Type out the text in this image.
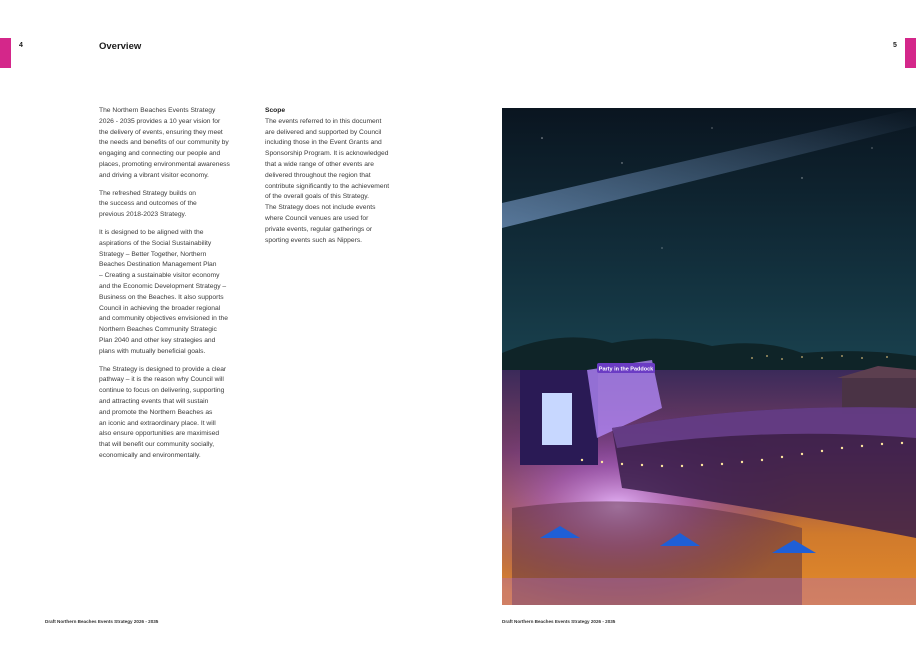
4	5
Overview

The Northern Beaches Events Strategy
2026 - 2035 provides a 10 year vision for
the delivery of events, ensuring they meet
the needs and benefits of our community by
engaging and connecting our people and
places, promoting environmental awareness
and driving a vibrant visitor economy.

The refreshed Strategy builds on
the success and outcomes of the
previous 2018-2023 Strategy.

It is designed to be aligned with the
aspirations of the Social Sustainability
Strategy – Better Together, Northern
Beaches Destination Management Plan
– Creating a sustainable visitor economy
and the Economic Development Strategy –
Business on the Beaches. It also supports
Council in achieving the broader regional
and community objectives envisioned in the
Northern Beaches Community Strategic
Plan 2040 and other key strategies and
plans with mutually beneficial goals.

The Strategy is designed to provide a clear
pathway – it is the reason why Council will
continue to focus on delivering, supporting
and attracting events that will sustain
and promote the Northern Beaches as
an iconic and extraordinary place. It will
also ensure opportunities are maximised
that will benefit our community socially,
economically and environmentally.

Scope
The events referred to in this document
are delivered and supported by Council
including those in the Event Grants and
Sponsorship Program. It is acknowledged
that a wide range of other events are
delivered throughout the region that
contribute significantly to the achievement
of the overall goals of this Strategy.
The Strategy does not include events
where Council venues are used for
private events, regular gatherings or
sporting events such as Nippers.
Party in the Paddock
Draft Northern Beaches Events Strategy 2026 - 2035	Draft Northern Beaches Events Strategy 2026 - 2035
